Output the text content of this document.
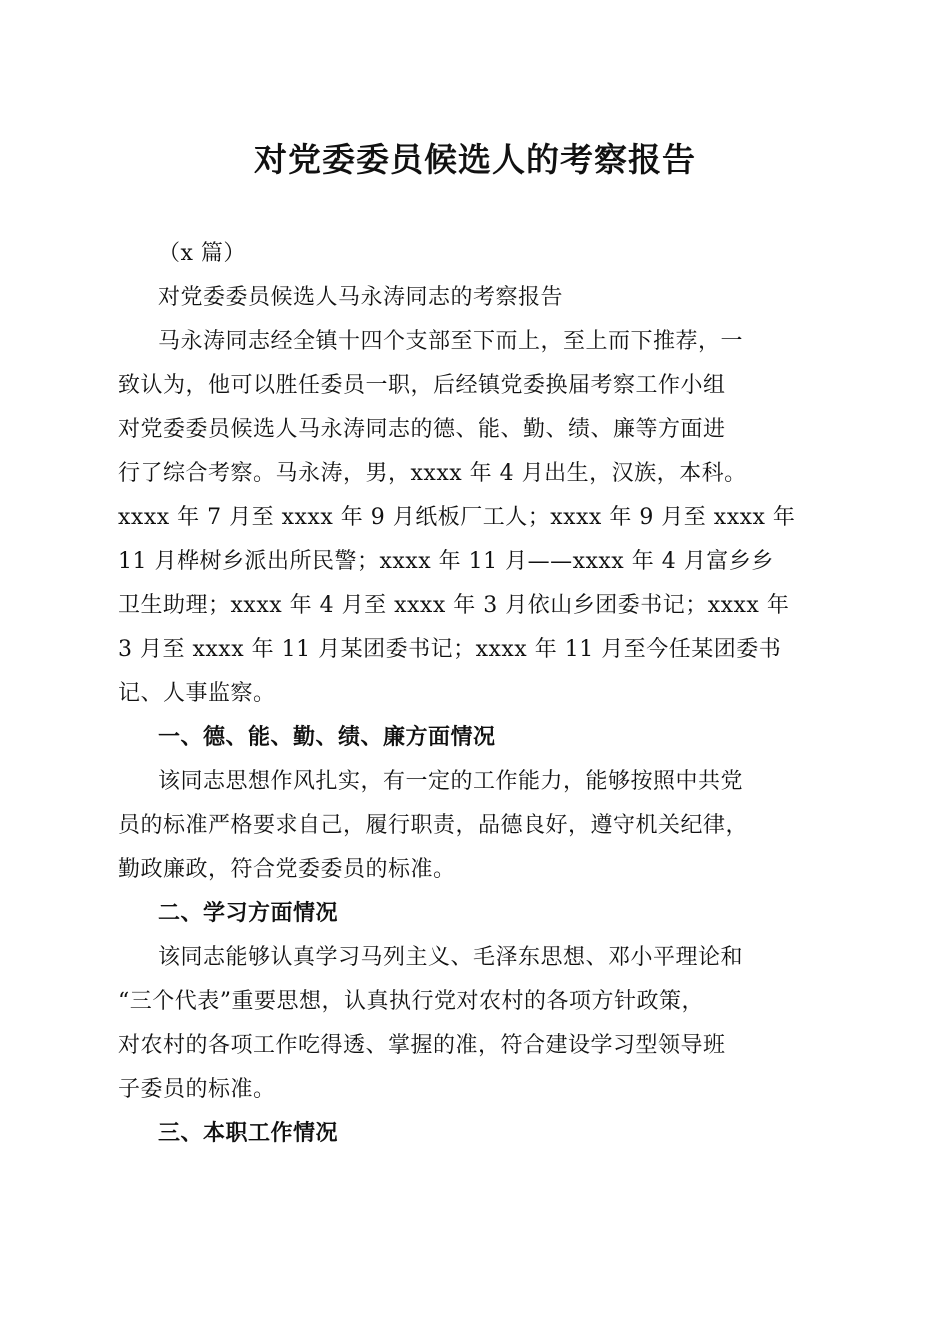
对党委委员候选人的考察报告

（x 篇）

对党委委员候选人马永涛同志的考察报告

马永涛同志经全镇十四个支部至下而上，至上而下推荐，一

致认为，他可以胜任委员一职，后经镇党委换届考察工作小组

对党委委员候选人马永涛同志的德、能、勤、绩、廉等方面进

行了综合考察。马永涛，男，xxxx 年 4 月出生，汉族，本科。

xxxx 年 7 月至 xxxx 年 9 月纸板厂工人；xxxx 年 9 月至 xxxx 年

11 月桦树乡派出所民警；xxxx 年 11 月——xxxx 年 4 月富乡乡

卫生助理；xxxx 年 4 月至 xxxx 年 3 月依山乡团委书记；xxxx 年

3 月至 xxxx 年 11 月某团委书记；xxxx 年 11 月至今任某团委书

记、人事监察。

一、德、能、勤、绩、廉方面情况

该同志思想作风扎实，有一定的工作能力，能够按照中共党

员的标准严格要求自己，履行职责，品德良好，遵守机关纪律，

勤政廉政，符合党委委员的标准。

二、学习方面情况

该同志能够认真学习马列主义、毛泽东思想、邓小平理论和

“三个代表”重要思想，认真执行党对农村的各项方针政策，

对农村的各项工作吃得透、掌握的准，符合建设学习型领导班

子委员的标准。

三、本职工作情况
